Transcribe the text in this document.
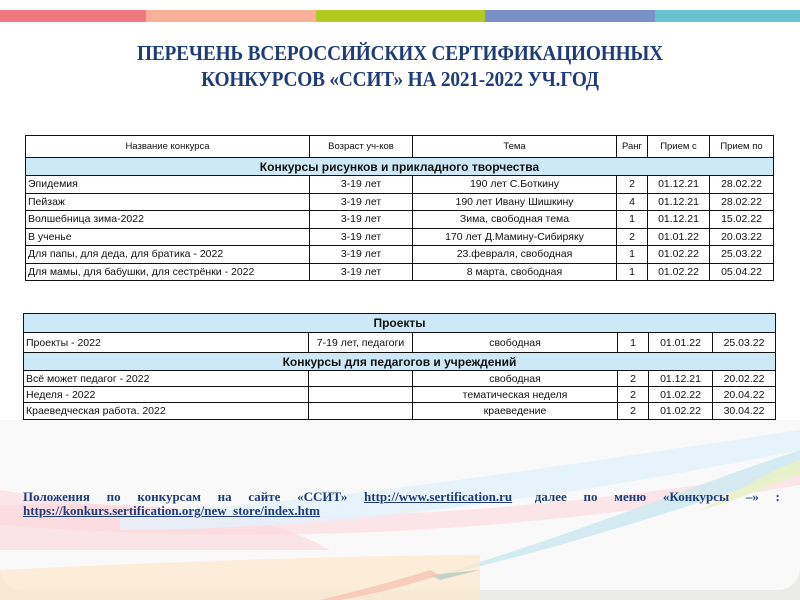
ПЕРЕЧЕНЬ ВСЕРОССИЙСКИХ СЕРТИФИКАЦИОННЫХ
КОНКУРСОВ «ССИТ» НА 2021-2022 УЧ.ГОД
Название конкурса	Возраст уч-ков	Тема	Ранг	Прием с	Прием по
Конкурсы рисунков и прикладного творчества					
Эпидемия	3-19 лет	190 лет С.Боткину	2	01.12.21	28.02.22
Пейзаж	3-19 лет	190 лет Ивану Шишкину	4	01.12.21	28.02.22
Волшебница зима-2022	3-19 лет	Зима, свободная тема	1	01.12.21	15.02.22
В ученье	3-19 лет	170 лет Д.Мамину-Сибиряку	2	01.01.22	20.03.22
Для папы, для деда, для братика - 2022	3-19 лет	23.февраля, свободная	1	01.02.22	25.03.22
Для мамы, для бабушки, для сестрёнки - 2022	3-19 лет	8 марта, свободная	1	01.02.22	05.04.22
Проекты					
Проекты - 2022	7-19 лет, педагоги	свободная	1	01.01.22	25.03.22
Конкурсы для педагогов и учреждений					
Всё может педагог - 2022		свободная	2	01.12.21	20.02.22
Неделя - 2022		тематическая неделя	2	01.02.22	20.04.22
Краеведческая работа. 2022		краеведение	2	01.02.22	30.04.22
Положения по конкурсам на сайте «ССИТ» http://www.sertification.ru далее по меню «Конкурсы –» :
https://konkurs.sertification.org/new_store/index.htm
